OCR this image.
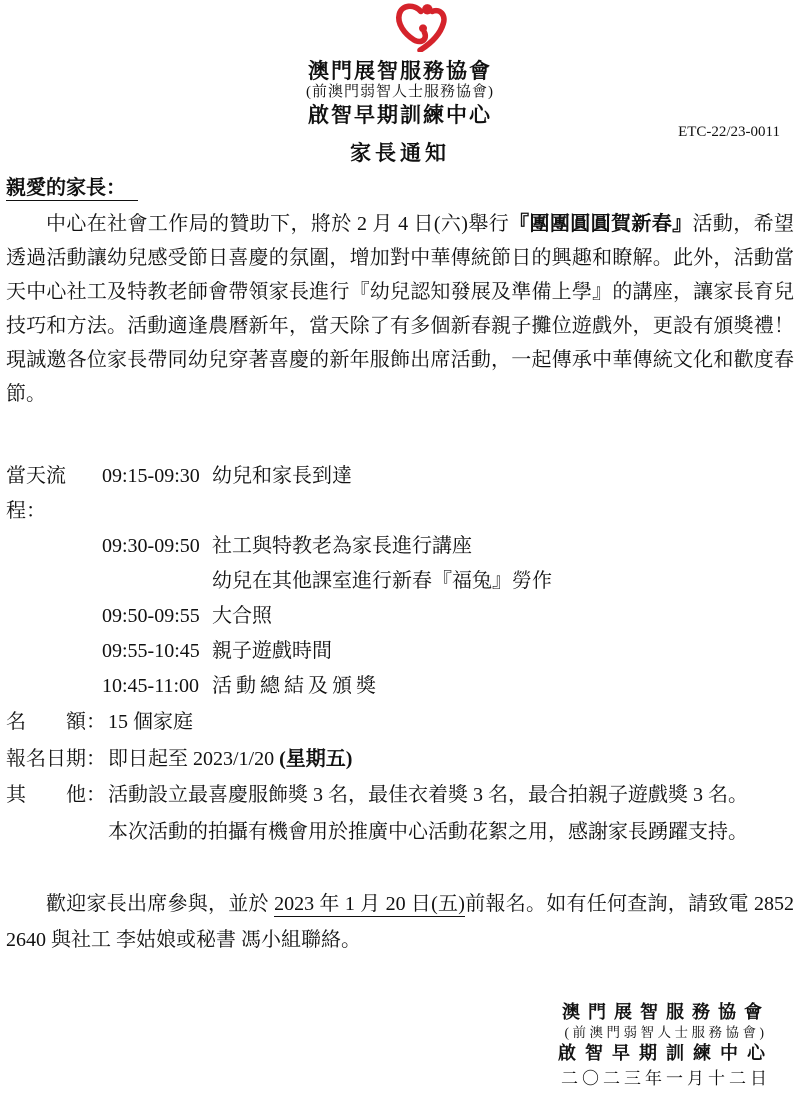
澳門展智服務協會
(前澳門弱智人士服務協會)
啟智早期訓練中心
家長通知
ETC-22/23-0011
親愛的家長：
中心在社會工作局的贊助下，將於 2 月 4 日(六)舉行『團團圓圓賀新春』活動，希望透過活動讓幼兒感受節日喜慶的氛圍，增加對中華傳統節日的興趣和瞭解。此外，活動當天中心社工及特教老師會帶領家長進行『幼兒認知發展及準備上學』的講座，讓家長育兒技巧和方法。活動適逢農曆新年，當天除了有多個新春親子攤位遊戲外，更設有頒獎禮！現誠邀各位家長帶同幼兒穿著喜慶的新年服飾出席活動，一起傳承中華傳統文化和歡度春節。
當天流程：
09:15-09:30 幼兒和家長到達
09:30-09:50 社工與特教老為家長進行講座
幼兒在其他課室進行新春『福兔』勞作
09:50-09:55 大合照
09:55-10:45 親子遊戲時間
10:45-11:00 活動總結及頒獎
名　　額： 15 個家庭
報名日期： 即日起至 2023/1/20 (星期五)
其　　他： 活動設立最喜慶服飾獎 3 名，最佳衣着獎 3 名，最合拍親子遊戲獎 3 名。
本次活動的拍攝有機會用於推廣中心活動花絮之用，感謝家長踴躍支持。
歡迎家長出席參與，並於 2023 年 1 月 20 日(五)前報名。如有任何查詢，請致電 2852 2640 與社工 李姑娘或秘書 馮小組聯絡。
澳門展智服務協會
(前澳門弱智人士服務協會)
啟智早期訓練中心
二〇二三年一月十二日
